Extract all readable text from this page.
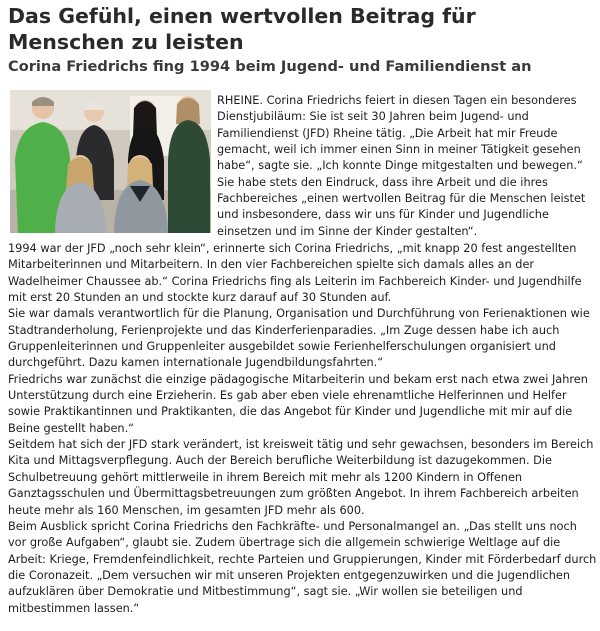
Das Gefühl, einen wertvollen Beitrag für Menschen zu leisten
Corina Friedrichs fing 1994 beim Jugend- und Familiendienst an

RHEINE. Corina Friedrichs feiert in diesen Tagen ein besonderes Dienstjubiläum: Sie ist seit 30 Jahren beim Jugend- und Familiendienst (JFD) Rheine tätig. „Die Arbeit hat mir Freude gemacht, weil ich immer einen Sinn in meiner Tätigkeit gesehen habe“, sagte sie. „Ich konnte Dinge mitgestalten und bewegen.“ Sie habe stets den Eindruck, dass ihre Arbeit und die ihres Fachbereiches „einen wertvollen Beitrag für die Menschen leistet und insbesondere, dass wir uns für Kinder und Jugendliche einsetzen und im Sinne der Kinder gestalten“.

1994 war der JFD „noch sehr klein“, erinnerte sich Corina Friedrichs, „mit knapp 20 fest angestellten Mitarbeiterinnen und Mitarbeitern. In den vier Fachbereichen spielte sich damals alles an der Wadelheimer Chaussee ab.“ Corina Friedrichs fing als Leiterin im Fachbereich Kinder- und Jugendhilfe mit erst 20 Stunden an und stockte kurz darauf auf 30 Stunden auf.

Sie war damals verantwortlich für die Planung, Organisation und Durchführung von Ferienaktionen wie Stadtranderholung, Ferienprojekte und das Kinderferienparadies. „Im Zuge dessen habe ich auch Gruppenleiterinnen und Gruppenleiter ausgebildet sowie Ferienhelferschulungen organisiert und durchgeführt. Dazu kamen internationale Jugendbildungsfahrten.“

Friedrichs war zunächst die einzige pädagogische Mitarbeiterin und bekam erst nach etwa zwei Jahren Unterstützung durch eine Erzieherin. Es gab aber eben viele ehrenamtliche Helferinnen und Helfer sowie Praktikantinnen und Praktikanten, die das Angebot für Kinder und Jugendliche mit mir auf die Beine gestellt haben.“

Seitdem hat sich der JFD stark verändert, ist kreisweit tätig und sehr gewachsen, besonders im Bereich Kita und Mittagsverpflegung. Auch der Bereich berufliche Weiterbildung ist dazugekommen. Die Schulbetreuung gehört mittlerweile in ihrem Bereich mit mehr als 1200 Kindern in Offenen Ganztagsschulen und Übermittagsbetreuungen zum größten Angebot. In ihrem Fachbereich arbeiten heute mehr als 160 Menschen, im gesamten JFD mehr als 600.

Beim Ausblick spricht Corina Friedrichs den Fachkräfte- und Personalmangel an. „Das stellt uns noch vor große Aufgaben“, glaubt sie. Zudem übertrage sich die allgemein schwierige Weltlage auf die Arbeit: Kriege, Fremdenfeindlichkeit, rechte Parteien und Gruppierungen, Kinder mit Förderbedarf durch die Coronazeit. „Dem versuchen wir mit unseren Projekten entgegenzuwirken und die Jugendlichen aufzuklären über Demokratie und Mitbestimmung“, sagt sie. „Wir wollen sie beteiligen und mitbestimmen lassen.“
